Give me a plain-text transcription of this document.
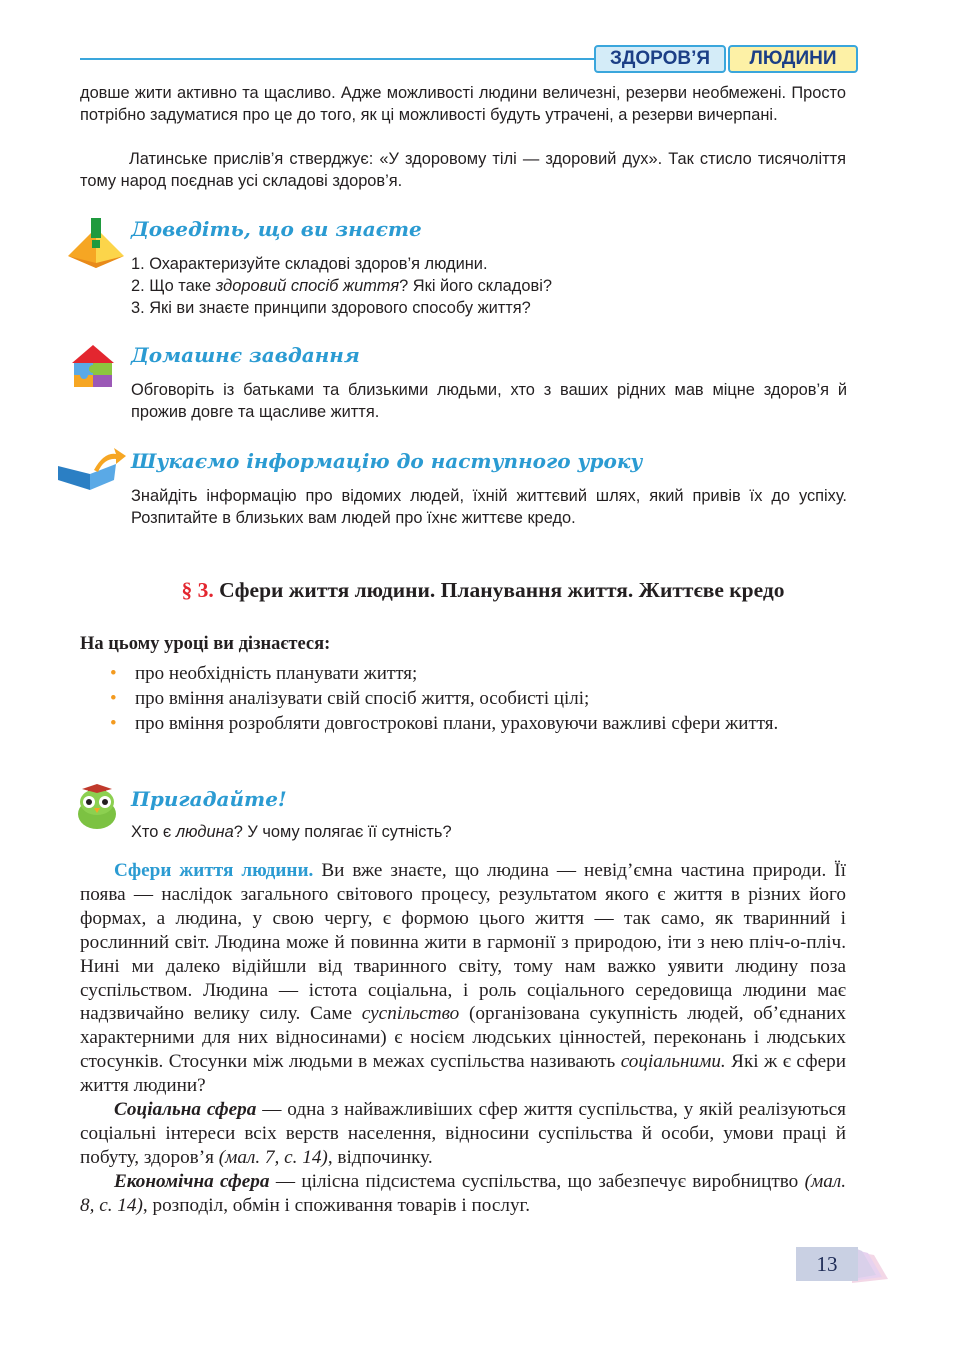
ЗДОРОВ’Я	ЛЮДИНИ
довше жити активно та щасливо. Адже можливості людини величезні, резерви необмежені. Просто потрібно задуматися про це до того, як ці можливості будуть утрачені, а резерви вичерпані.
Латинське прислів’я стверджує: «У здоровому тілі — здоровий дух». Так стисло тисячоліття тому народ поєднав усі складові здоров’я.
Доведіть, що ви знаєте
1. Охарактеризуйте складові здоров’я людини.
2. Що таке здоровий спосіб життя? Які його складові?
3. Які ви знаєте принципи здорового способу життя?
Домашнє завдання
Обговоріть із батьками та близькими людьми, хто з ваших рідних мав міцне здоров’я й прожив довге та щасливе життя.
Шукаємо інформацію до наступного уроку
Знайдіть інформацію про відомих людей, їхній життєвий шлях, який привів їх до успіху. Розпитайте в близьких вам людей про їхнє життєве кредо.
§ 3. Сфери життя людини. Планування життя. Життєве кредо
На цьому уроці ви дізнаєтеся:
• про необхідність планувати життя;
• про вміння аналізувати свій спосіб життя, особисті цілі;
• про вміння розробляти довгострокові плани, ураховуючи важливі сфери життя.
Пригадайте!
Хто є людина? У чому полягає її сутність?

Сфери життя людини. Ви вже знаєте, що людина — невід’ємна частина природи. Її поява — наслідок загального світового процесу, результатом якого є життя в різних його формах, а людина, у свою чергу, є формою цього життя — так само, як тваринний і рослинний світ. Людина може й повинна жити в гармонії з природою, іти з нею пліч-о-пліч. Нині ми далеко відійшли від тваринного світу, тому нам важко уявити людину поза суспільством. Людина — істота соціальна, і роль соціального середовища людини має надзвичайно велику силу. Саме суспільство (організована сукупність людей, об’єднаних характерними для них відносинами) є носієм людських цінностей, переконань і людських стосунків. Стосунки між людьми в межах суспільства називають соціальними. Які ж є сфери життя людини?

Соціальна сфера — одна з найважливіших сфер життя суспільства, у якій реалізуються соціальні інтереси всіх верств населення, відносини суспільства й особи, умови праці й побуту, здоров’я (мал. 7, с. 14), відпочинку.

Економічна сфера — цілісна підсистема суспільства, що забезпечує виробництво (мал. 8, с. 14), розподіл, обмін і споживання товарів і послуг.

13
